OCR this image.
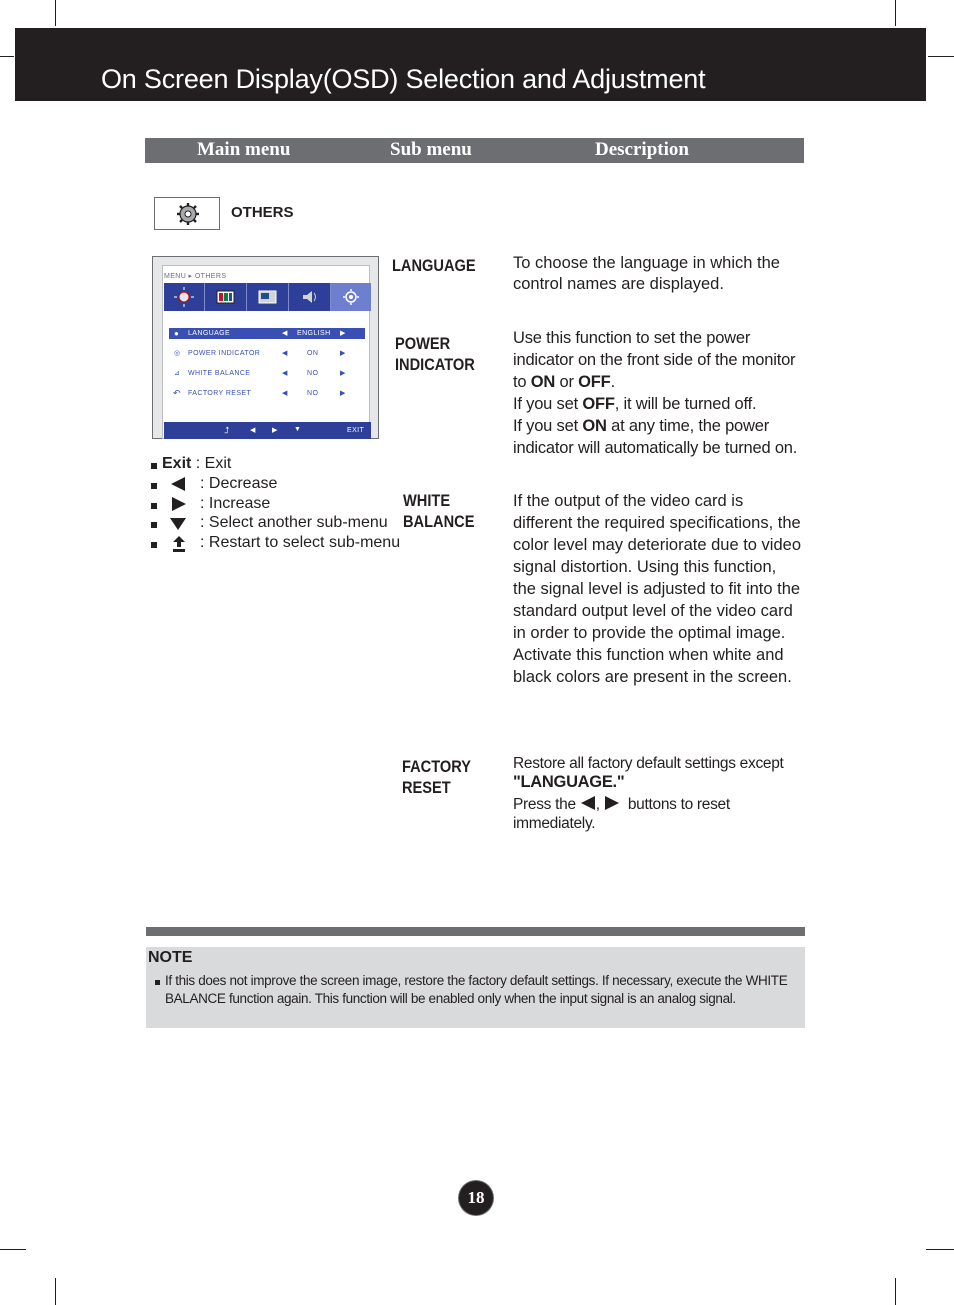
On Screen Display(OSD) Selection and Adjustment
Main menu	Sub menu	Description
OTHERS
MENU ▸ OTHERS
● LANGUAGE	◀ ENGLISH ▶
◎ POWER INDICATOR	◀	ON	▶
⊿ WHITE BALANCE	◀	NO	▶
↶ FACTORY RESET	◀	NO	▶
⮥	◀ ▶ ▼	EXIT
Exit : Exit
: Decrease
: Increase
: Select another sub-menu
: Restart to select sub-menu
LANGUAGE To choose the language in which the control names are displayed.
POWER
INDICATOR
Use this function to set the power indicator on the front side of the monitor to ON or OFF.
If you set OFF, it will be turned off.
If you set ON at any time, the power indicator will automatically be turned on.
WHITE
BALANCE
If the output of the video card is different the required specifications, the color level may deteriorate due to video signal distortion. Using this function, the signal level is adjusted to fit into the standard output level of the video card in order to provide the optimal image.
Activate this function when white and black colors are present in the screen.
FACTORY
RESET
Restore all factory default settings except
"LANGUAGE."
Press the , buttons to reset
immediately.
NOTE
If this does not improve the screen image, restore the factory default settings. If necessary, execute the WHITE BALANCE function again. This function will be enabled only when the input signal is an analog signal.
18
